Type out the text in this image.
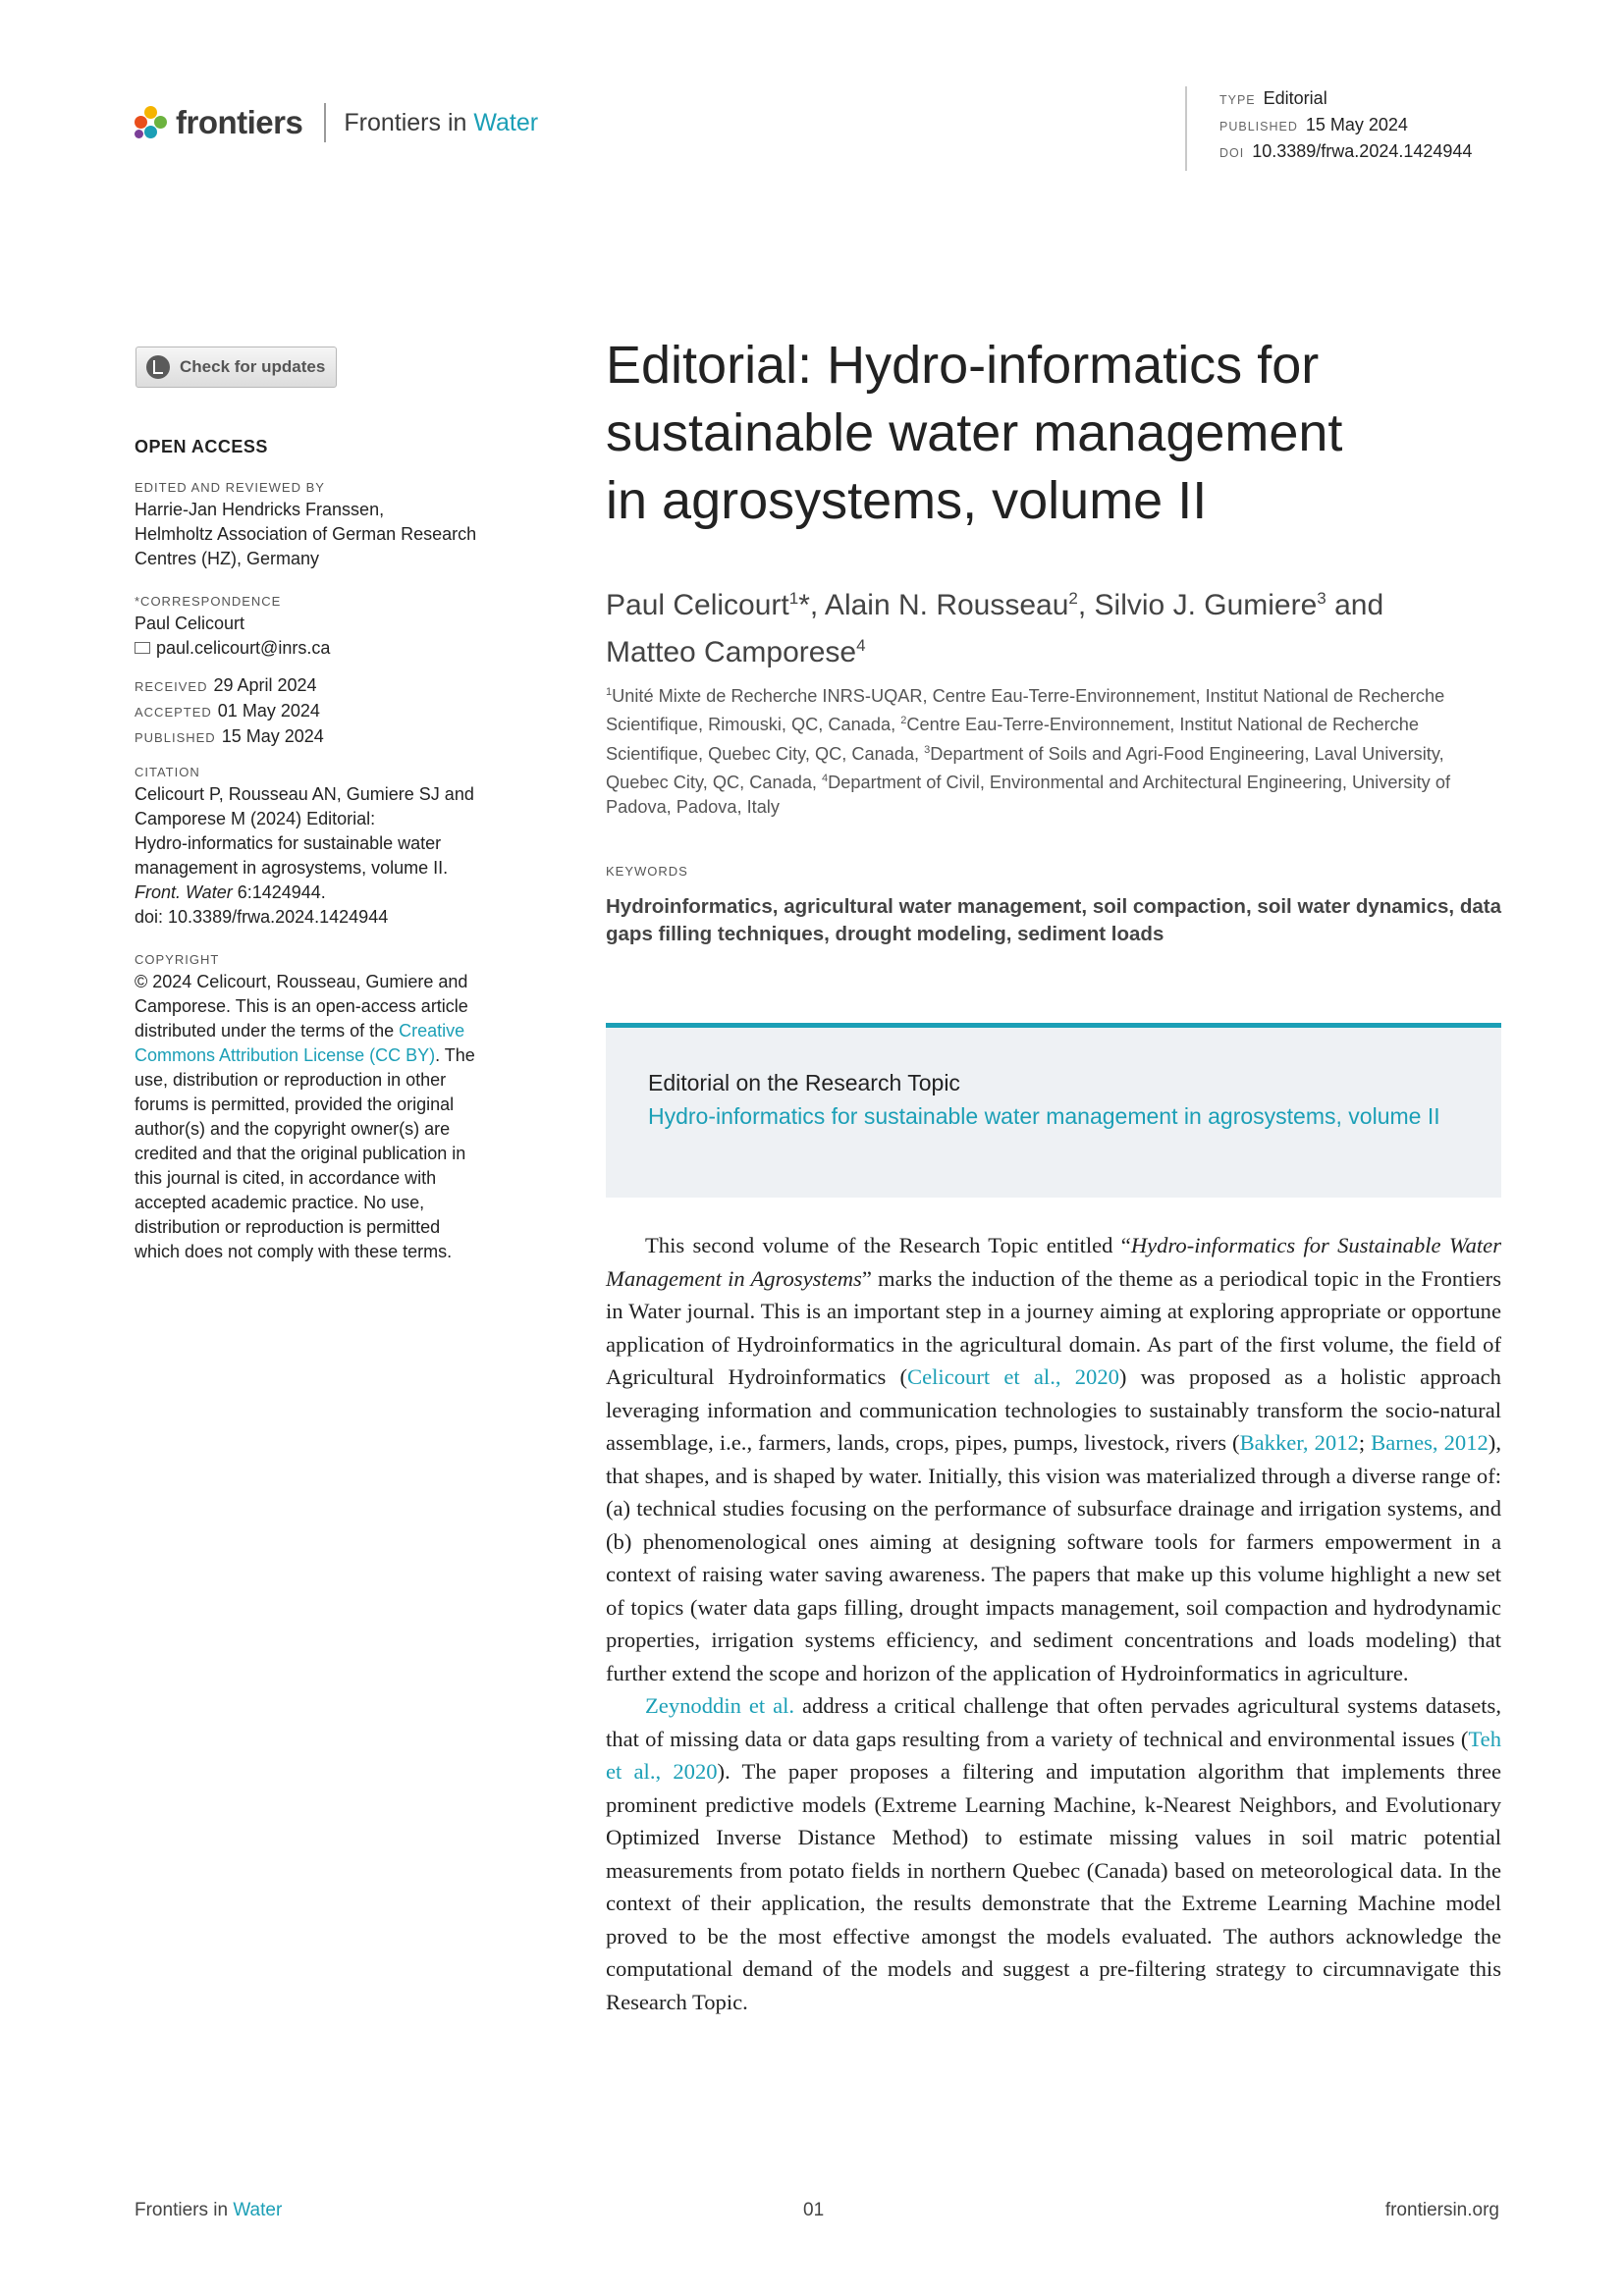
frontiers Frontiers in Water
TYPE Editorial
PUBLISHED 15 May 2024
DOI 10.3389/frwa.2024.1424944
Check for updates
OPEN ACCESS
EDITED AND REVIEWED BY
Harrie-Jan Hendricks Franssen,
Helmholtz Association of German Research
Centres (HZ), Germany
*CORRESPONDENCE
Paul Celicourt
paul.celicourt@inrs.ca
RECEIVED 29 April 2024
ACCEPTED 01 May 2024
PUBLISHED 15 May 2024
CITATION
Celicourt P, Rousseau AN, Gumiere SJ and
Camporese M (2024) Editorial:
Hydro-informatics for sustainable water
management in agrosystems, volume II.
Front. Water 6:1424944.
doi: 10.3389/frwa.2024.1424944
COPYRIGHT
© 2024 Celicourt, Rousseau, Gumiere and
Camporese. This is an open-access article
distributed under the terms of the Creative
Commons Attribution License (CC BY). The
use, distribution or reproduction in other
forums is permitted, provided the original
author(s) and the copyright owner(s) are
credited and that the original publication in
this journal is cited, in accordance with
accepted academic practice. No use,
distribution or reproduction is permitted
which does not comply with these terms.
Editorial: Hydro-informatics for
sustainable water management
in agrosystems, volume II
Paul Celicourt$^1$*, Alain N. Rousseau$^2$, Silvio J. Gumiere$^3$ and
Matteo Camporese$^4$
$^1$Unité Mixte de Recherche INRS-UQAR, Centre Eau-Terre-Environnement, Institut National de Recherche Scientifique, Rimouski, QC, Canada, $^2$Centre Eau-Terre-Environnement, Institut National de Recherche Scientifique, Quebec City, QC, Canada, $^3$Department of Soils and Agri-Food Engineering, Laval University, Quebec City, QC, Canada, $^4$Department of Civil, Environmental and Architectural Engineering, University of Padova, Padova, Italy
KEYWORDS
Hydroinformatics, agricultural water management, soil compaction, soil water dynamics, data gaps filling techniques, drought modeling, sediment loads
Editorial on the Research Topic
Hydro-informatics for sustainable water management in agrosystems, volume II

This second volume of the Research Topic entitled “Hydro-informatics for Sustainable Water Management in Agrosystems” marks the induction of the theme as a periodical topic in the Frontiers in Water journal. This is an important step in a journey aiming at exploring appropriate or opportune application of Hydroinformatics in the agricultural domain. As part of the first volume, the field of Agricultural Hydroinformatics (Celicourt et al., 2020) was proposed as a holistic approach leveraging information and communication technologies to sustainably transform the socio-natural assemblage, i.e., farmers, lands, crops, pipes, pumps, livestock, rivers (Bakker, 2012; Barnes, 2012), that shapes, and is shaped by water. Initially, this vision was materialized through a diverse range of: (a) technical studies focusing on the performance of subsurface drainage and irrigation systems, and (b) phenomenological ones aiming at designing software tools for farmers empowerment in a context of raising water saving awareness. The papers that make up this volume highlight a new set of topics (water data gaps filling, drought impacts management, soil compaction and hydrodynamic properties, irrigation systems efficiency, and sediment concentrations and loads modeling) that further extend the scope and horizon of the application of Hydroinformatics in agriculture.

Zeynoddin et al. address a critical challenge that often pervades agricultural systems datasets, that of missing data or data gaps resulting from a variety of technical and environmental issues (Teh et al., 2020). The paper proposes a filtering and imputation algorithm that implements three prominent predictive models (Extreme Learning Machine, k-Nearest Neighbors, and Evolutionary Optimized Inverse Distance Method) to estimate missing values in soil matric potential measurements from potato fields in northern Quebec (Canada) based on meteorological data. In the context of their application, the results demonstrate that the Extreme Learning Machine model proved to be the most effective amongst the models evaluated. The authors acknowledge the computational demand of the models and suggest a pre-filtering strategy to circumnavigate this Research Topic.

Frontiers in Water	01	frontiersin.org
